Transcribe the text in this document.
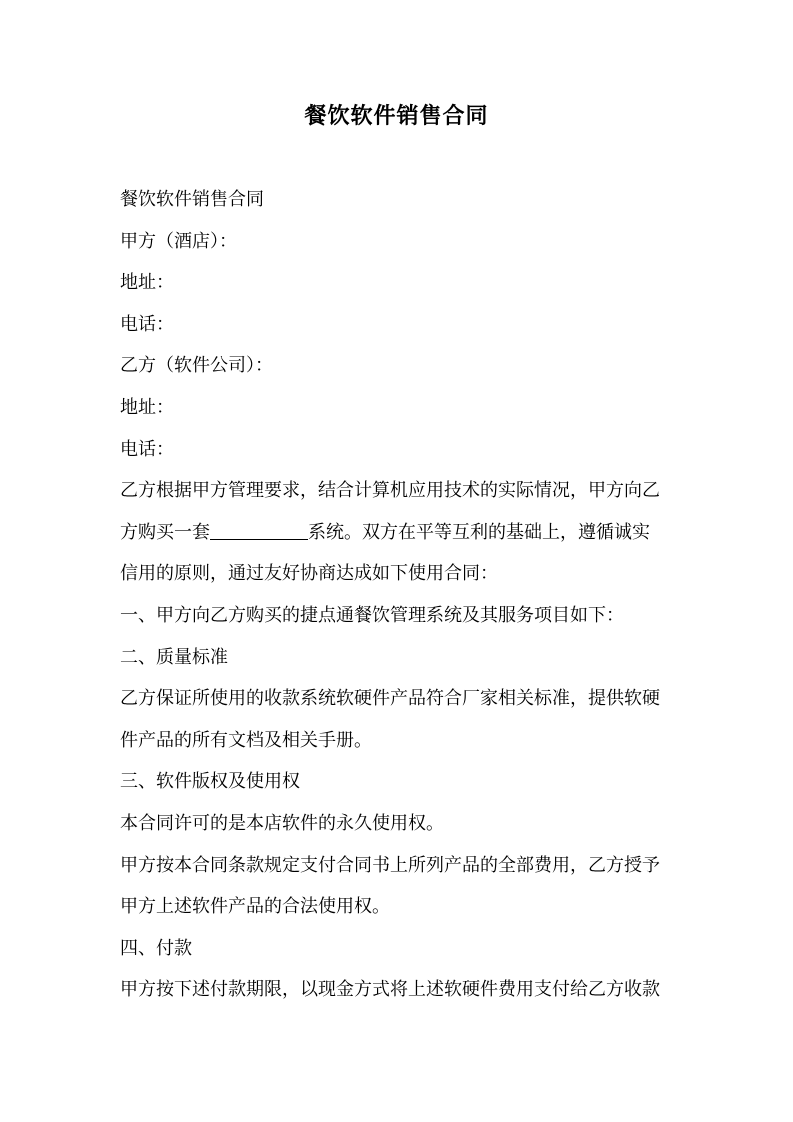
餐饮软件销售合同
餐饮软件销售合同
甲方（酒店）：
地址：
电话：
乙方（软件公司）：
地址：
电话：
乙方根据甲方管理要求，结合计算机应用技术的实际情况，甲方向乙
方购买一套	系统。双方在平等互利的基础上，遵循诚实
信用的原则，通过友好协商达成如下使用合同：
一、甲方向乙方购买的捷点通餐饮管理系统及其服务项目如下：
二、质量标准
乙方保证所使用的收款系统软硬件产品符合厂家相关标准，提供软硬
件产品的所有文档及相关手册。
三、软件版权及使用权
本合同许可的是本店软件的永久使用权。
甲方按本合同条款规定支付合同书上所列产品的全部费用，乙方授予
甲方上述软件产品的合法使用权。
四、付款
甲方按下述付款期限，以现金方式将上述软硬件费用支付给乙方收款
